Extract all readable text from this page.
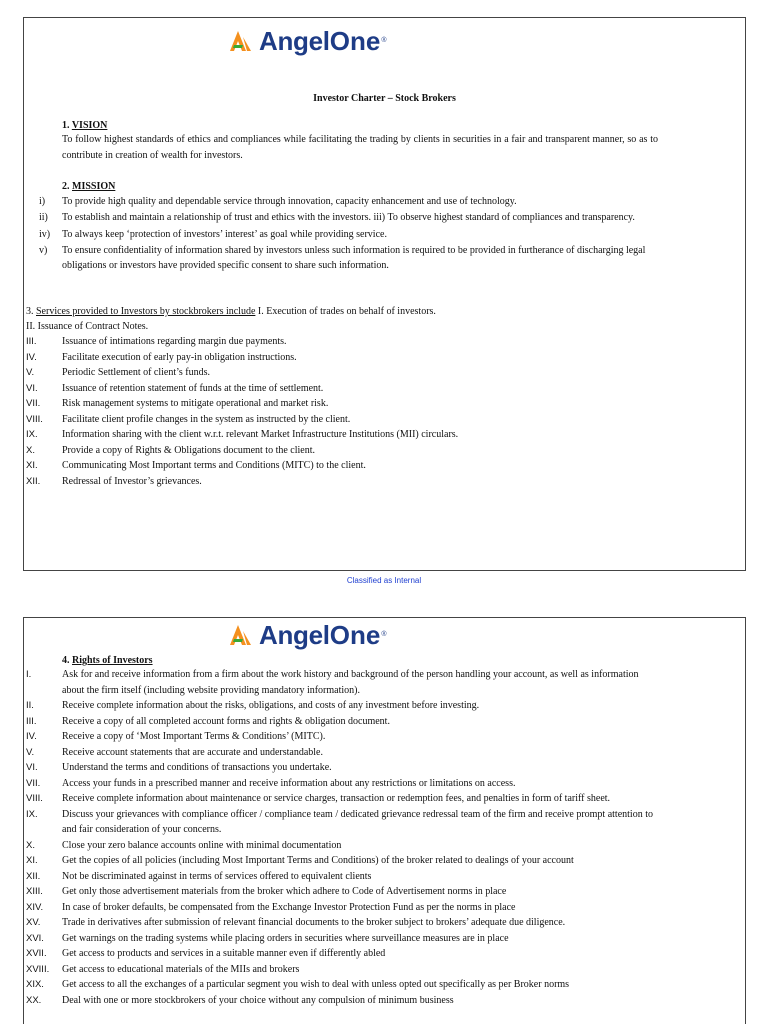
Angel One ®
Investor Charter – Stock Brokers
1. VISION
To follow highest standards of ethics and compliances while facilitating the trading by clients in securities in a fair and transparent manner, so as to contribute in creation of wealth for investors.
2. MISSION
i) To provide high quality and dependable service through innovation, capacity enhancement and use of technology.
ii) To establish and maintain a relationship of trust and ethics with the investors. iii) To observe highest standard of compliances and transparency.
iv) To always keep ‘protection of investors’ interest’ as goal while providing service.
v) To ensure confidentiality of information shared by investors unless such information is required to be provided in furtherance of discharging legal obligations or investors have provided specific consent to share such information.
3. Services provided to Investors by stockbrokers include I. Execution of trades on behalf of investors.
II. Issuance of Contract Notes.
III.	Issuance of intimations regarding margin due payments.
IV.	Facilitate execution of early pay-in obligation instructions.
V.	Periodic Settlement of client’s funds.
VI. Issuance of retention statement of funds at the time of settlement.
VII. Risk management systems to mitigate operational and market risk.
VIII. Facilitate client profile changes in the system as instructed by the client.
IX. Information sharing with the client w.r.t. relevant Market Infrastructure Institutions (MII) circulars.
X.	Provide a copy of Rights & Obligations document to the client.
XI. Communicating Most Important terms and Conditions (MITC) to the client.
XII. Redressal of Investor’s grievances.
Classified as Internal
Angel One ®
4. Rights of Investors
I.	Ask for and receive information from a firm about the work history and background of the person handling your account, as well as information about the firm itself (including website providing mandatory information).
II.	Receive complete information about the risks, obligations, and costs of any investment before investing.
III.	Receive a copy of all completed account forms and rights & obligation document.
IV.	Receive a copy of ‘Most Important Terms & Conditions’ (MITC).
V.	Receive account statements that are accurate and understandable.
VI. Understand the terms and conditions of transactions you undertake.
VII. Access your funds in a prescribed manner and receive information about any restrictions or limitations on access.
VIII. Receive complete information about maintenance or service charges, transaction or redemption fees, and penalties in form of tariff sheet.
IX. Discuss your grievances with compliance officer / compliance team / dedicated grievance redressal team of the firm and receive prompt attention to and fair consideration of your concerns.
X.	Close your zero balance accounts online with minimal documentation
XI. Get the copies of all policies (including Most Important Terms and Conditions) of the broker related to dealings of your account
XII. Not be discriminated against in terms of services offered to equivalent clients
XIII. Get only those advertisement materials from the broker which adhere to Code of Advertisement norms in place
XIV. In case of broker defaults, be compensated from the Exchange Investor Protection Fund as per the norms in place
XV. Trade in derivatives after submission of relevant financial documents to the broker subject to brokers’ adequate due diligence.
XVI. Get warnings on the trading systems while placing orders in securities where surveillance measures are in place
XVII. Get access to products and services in a suitable manner even if differently abled
XVIII. Get access to educational materials of the MIIs and brokers
XIX. Get access to all the exchanges of a particular segment you wish to deal with unless opted out specifically as per Broker norms
XX. Deal with one or more stockbrokers of your choice without any compulsion of minimum business
